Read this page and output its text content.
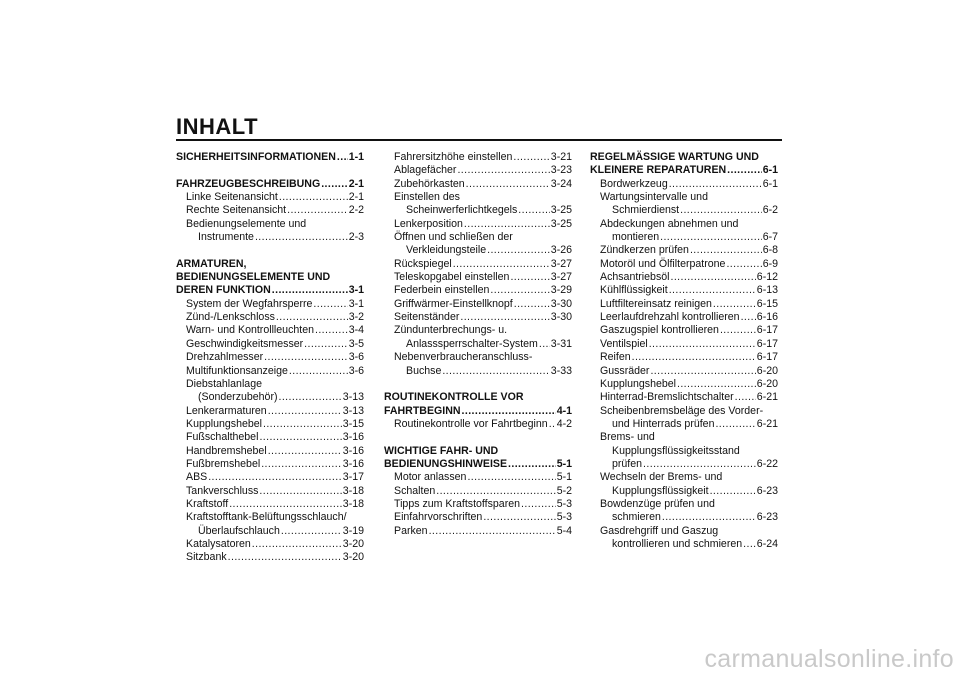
INHALT
SICHERHEITSINFORMATIONEN ..... 1-1
FAHRZEUGBESCHREIBUNG .....	2-1
Linke Seitenansicht .....	2-1
Rechte Seitenansicht .....	2-2
Bedienungselemente und
Instrumente .....	2-3
ARMATUREN,
BEDIENUNGSELEMENTE UND
DEREN FUNKTION .....	3-1
System der Wegfahrsperre .....	3-1
Zünd-/Lenkschloss .....	3-2
Warn- und Kontrollleuchten .....	3-4
Geschwindigkeitsmesser .....	3-5
Drehzahlmesser .....	3-6
Multifunktionsanzeige .....	3-6
Diebstahlanlage
(Sonderzubehör) .....	3-13
Lenkerarmaturen .....	3-13
Kupplungshebel .....	3-15
Fußschalthebel .....	3-16
Handbremshebel .....	3-16
Fußbremshebel .....	3-16
ABS .....	3-17
Tankverschluss .....	3-18
Kraftstoff .....	3-18
Kraftstofftank-Belüftungsschlauch/
Überlaufschlauch .....	3-19
Katalysatoren .....	3-20
Sitzbank .....	3-20
Fahrersitzhöhe einstellen .....	3-21
Ablagefächer .....	3-23
Zubehörkasten .....	3-24
Einstellen des
Scheinwerferlichtkegels .....	3-25
Lenkerposition .....	3-25
Öffnen und schließen der
Verkleidungsteile .....	3-26
Rückspiegel .....	3-27
Teleskopgabel einstellen .....	3-27
Federbein einstellen .....	3-29
Griffwärmer-Einstellknopf .....	3-30
Seitenständer .....	3-30
Zündunterbrechungs- u.
Anlasssperrschalter-System ..... 3-31
Nebenverbraucheranschluss-
Buchse .....	3-33
ROUTINEKONTROLLE VOR
FAHRTBEGINN .....	4-1
Routinekontrolle vor Fahrtbeginn ..... 4-2
WICHTIGE FAHR- UND
BEDIENUNGSHINWEISE .....	5-1
Motor anlassen .....	5-1
Schalten .....	5-2
Tipps zum Kraftstoffsparen .....	5-3
Einfahrvorschriften .....	5-3
Parken .....	5-4
REGELMÄSSIGE WARTUNG UND
KLEINERE REPARATUREN .....	6-1
Bordwerkzeug .....	6-1
Wartungsintervalle und
Schmierdienst .....	6-2
Abdeckungen abnehmen und
montieren .....	6-7
Zündkerzen prüfen .....	6-8
Motoröl und Ölfilterpatrone .....	6-9
Achsantriebsöl .....	6-12
Kühlflüssigkeit .....	6-13
Luftfiltereinsatz reinigen .....	6-15
Leerlaufdrehzahl kontrollieren ..... 6-16
Gaszugspiel kontrollieren .....	6-17
Ventilspiel .....	6-17
Reifen .....	6-17
Gussräder .....	6-20
Kupplungshebel .....	6-20
Hinterrad-Bremslichtschalter ..... 6-21
Scheibenbremsbeläge des Vorder-
und Hinterrads prüfen .....	6-21
Brems- und
Kupplungsflüssigkeitsstand
prüfen .....	6-22
Wechseln der Brems- und
Kupplungsflüssigkeit .....	6-23
Bowdenzüge prüfen und
schmieren .....	6-23
Gasdrehgriff und Gaszug
kontrollieren und schmieren ..... 6-24
carmanualsonline.info
